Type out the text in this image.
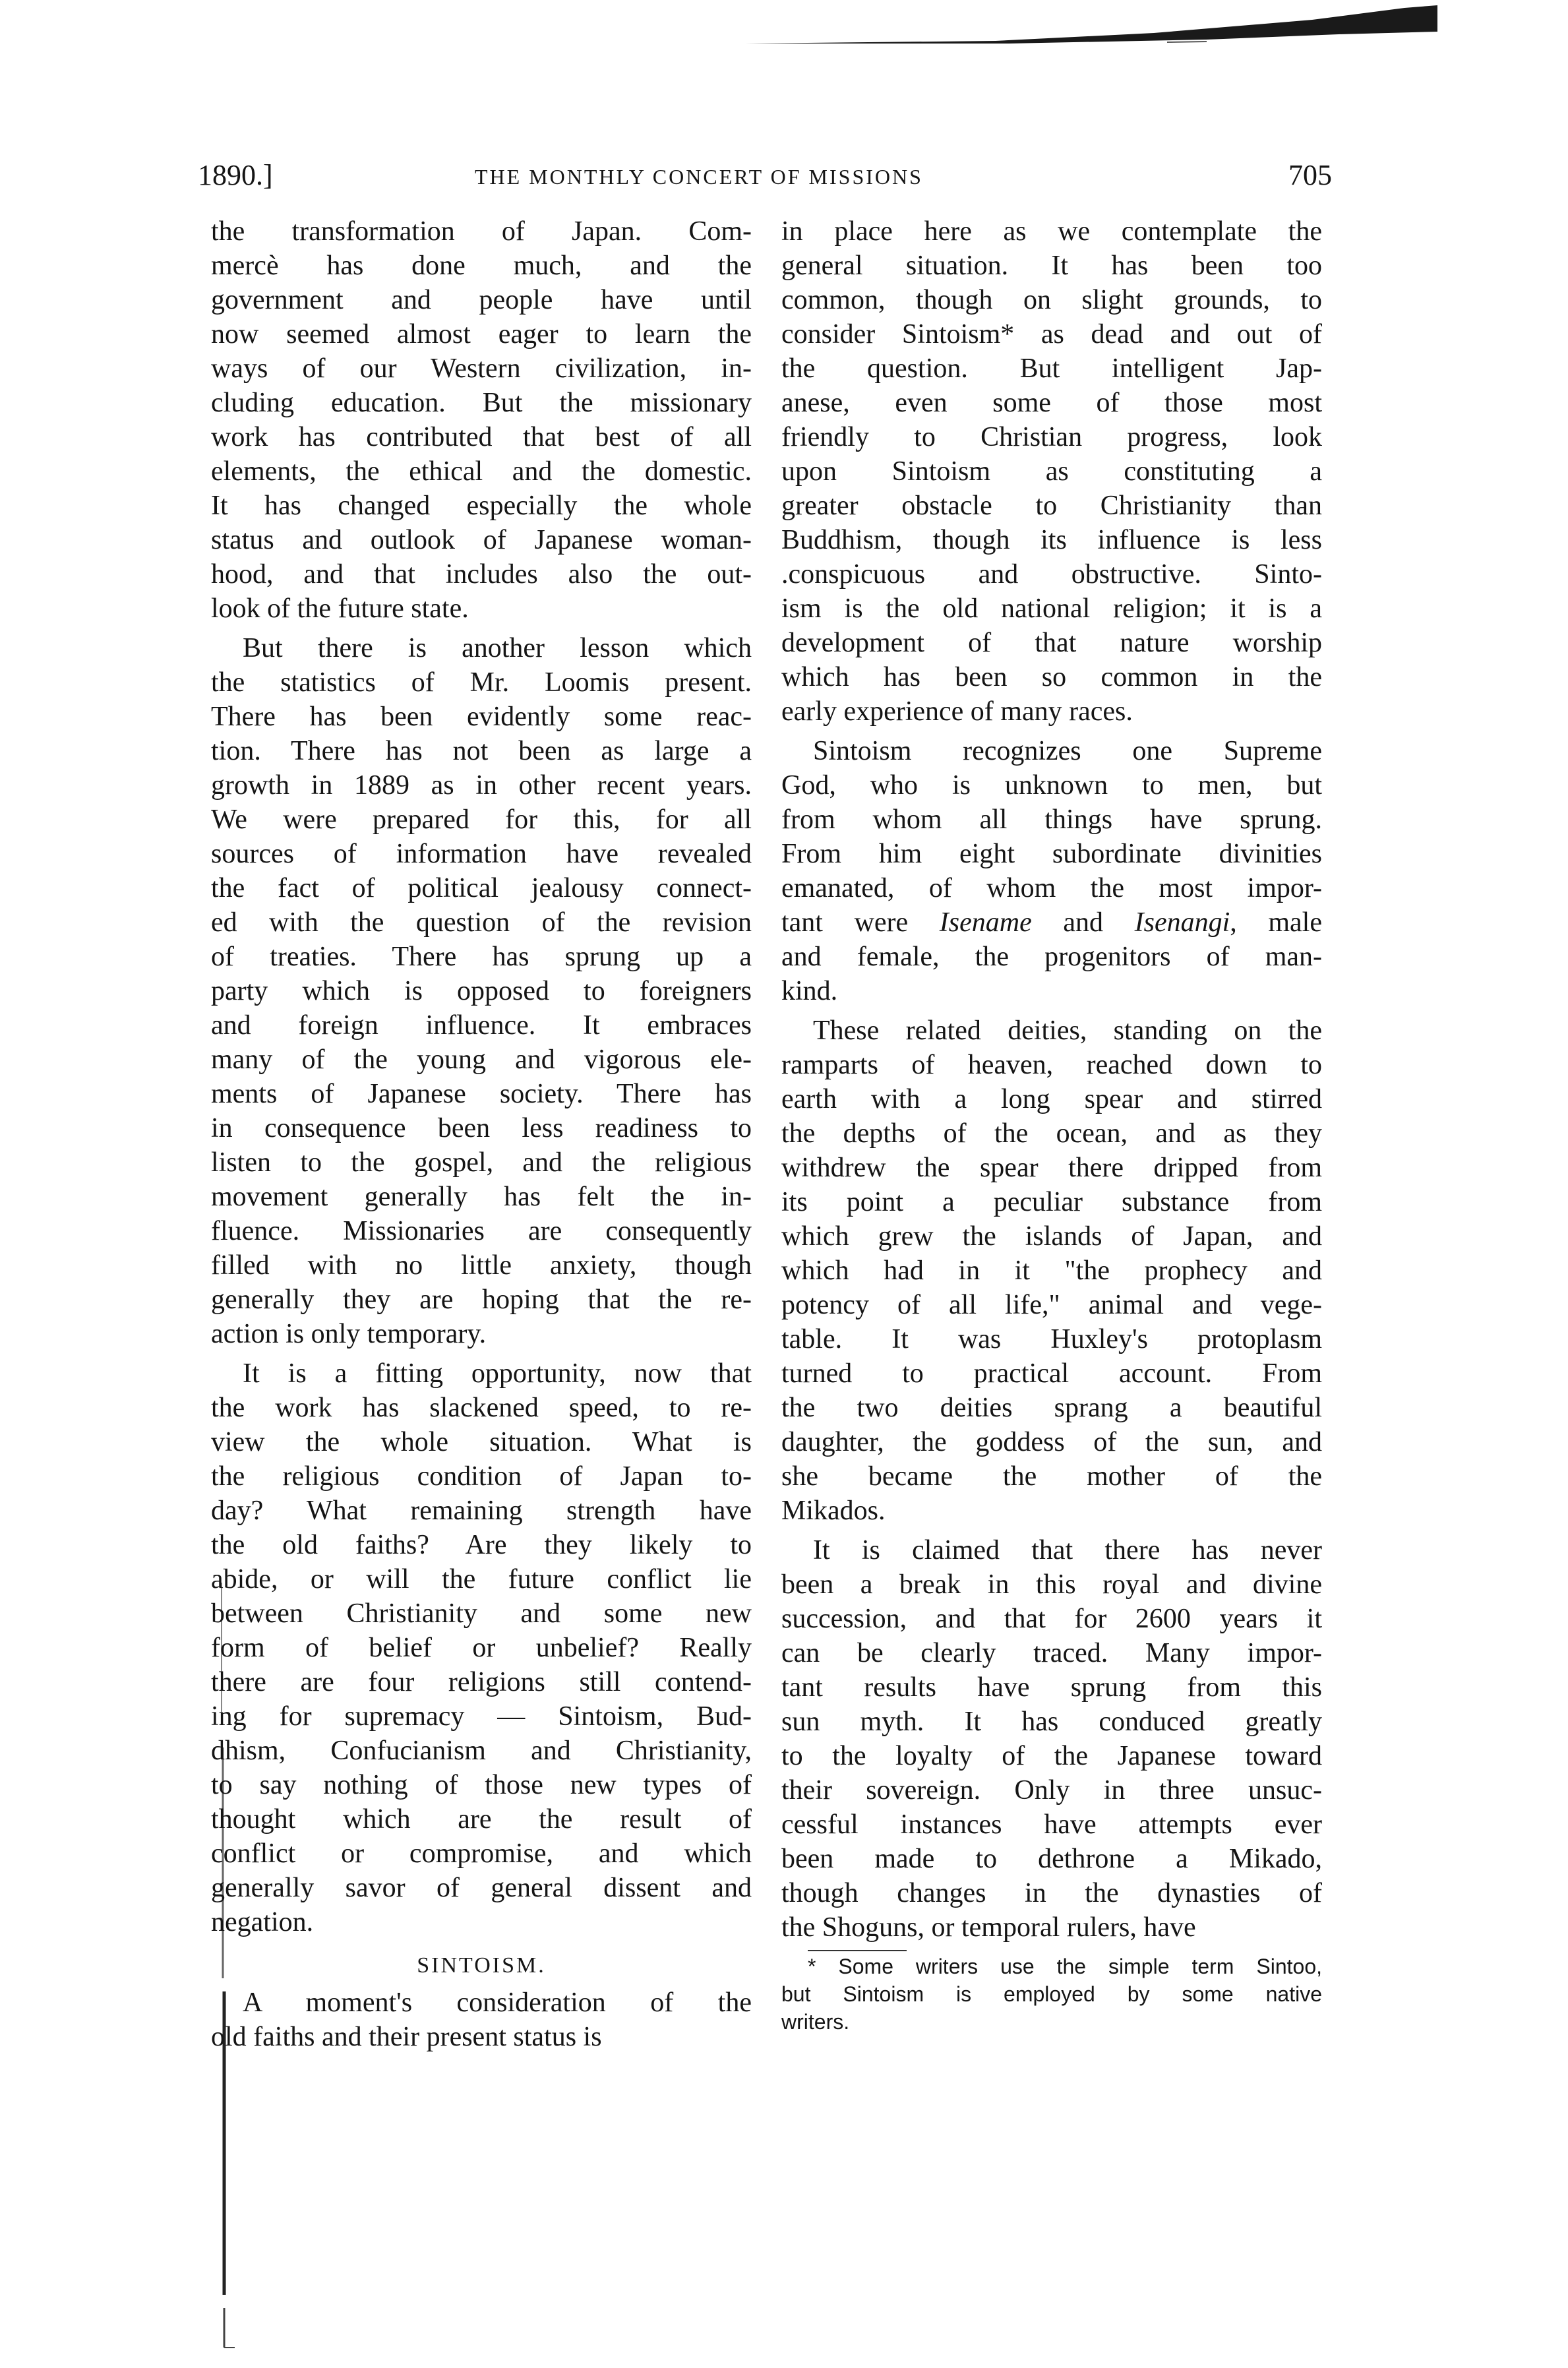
1890.]	THE MONTHLY CONCERT OF MISSIONS	705
the transformation of Japan. Com-
mercè has done much, and the
government and people have until
now seemed almost eager to learn the
ways of our Western civilization, in-
cluding education. But the missionary
work has contributed that best of all
elements, the ethical and the domestic.
It has changed especially the whole
status and outlook of Japanese woman-
hood, and that includes also the out-
look of the future state.
But there is another lesson which
the statistics of Mr. Loomis present.
There has been evidently some reac-
tion. There has not been as large a
growth in 1889 as in other recent years.
We were prepared for this, for all
sources of information have revealed
the fact of political jealousy connect-
ed with the question of the revision
of treaties. There has sprung up a
party which is opposed to foreigners
and foreign influence. It embraces
many of the young and vigorous ele-
ments of Japanese society. There has
in consequence been less readiness to
listen to the gospel, and the religious
movement generally has felt the in-
fluence. Missionaries are consequently
filled with no little anxiety, though
generally they are hoping that the re-
action is only temporary.
It is a fitting opportunity, now that
the work has slackened speed, to re-
view the whole situation. What is
the religious condition of Japan to-
day? What remaining strength have
the old faiths? Are they likely to
abide, or will the future conflict lie
between Christianity and some new
form of belief or unbelief? Really
there are four religions still contend-
ing for supremacy — Sintoism, Bud-
dhism, Confucianism and Christianity,
to say nothing of those new types of
thought which are the result of
conflict or compromise, and which
generally savor of general dissent and
negation.
SINTOISM.
A moment's consideration of the
old faiths and their present status is
in place here as we contemplate the
general situation. It has been too
common, though on slight grounds, to
consider Sintoism* as dead and out of
the question. But intelligent Jap-
anese, even some of those most
friendly to Christian progress, look
upon Sintoism as constituting a
greater obstacle to Christianity than
Buddhism, though its influence is less
.conspicuous and obstructive. Sinto-
ism is the old national religion; it is a
development of that nature worship
which has been so common in the
early experience of many races.
Sintoism recognizes one Supreme
God, who is unknown to men, but
from whom all things have sprung.
From him eight subordinate divinities
emanated, of whom the most impor-
tant were Isename and Isenangi, male
and female, the progenitors of man-
kind.
These related deities, standing on the
ramparts of heaven, reached down to
earth with a long spear and stirred
the depths of the ocean, and as they
withdrew the spear there dripped from
its point a peculiar substance from
which grew the islands of Japan, and
which had in it "the prophecy and
potency of all life," animal and vege-
table. It was Huxley's protoplasm
turned to practical account. From
the two deities sprang a beautiful
daughter, the goddess of the sun, and
she became the mother of the
Mikados.
It is claimed that there has never
been a break in this royal and divine
succession, and that for 2600 years it
can be clearly traced. Many impor-
tant results have sprung from this
sun myth. It has conduced greatly
to the loyalty of the Japanese toward
their sovereign. Only in three unsuc-
cessful instances have attempts ever
been made to dethrone a Mikado,
though changes in the dynasties of
the Shoguns, or temporal rulers, have
* Some writers use the simple term Sintoo,
but Sintoism is employed by some native
writers.
